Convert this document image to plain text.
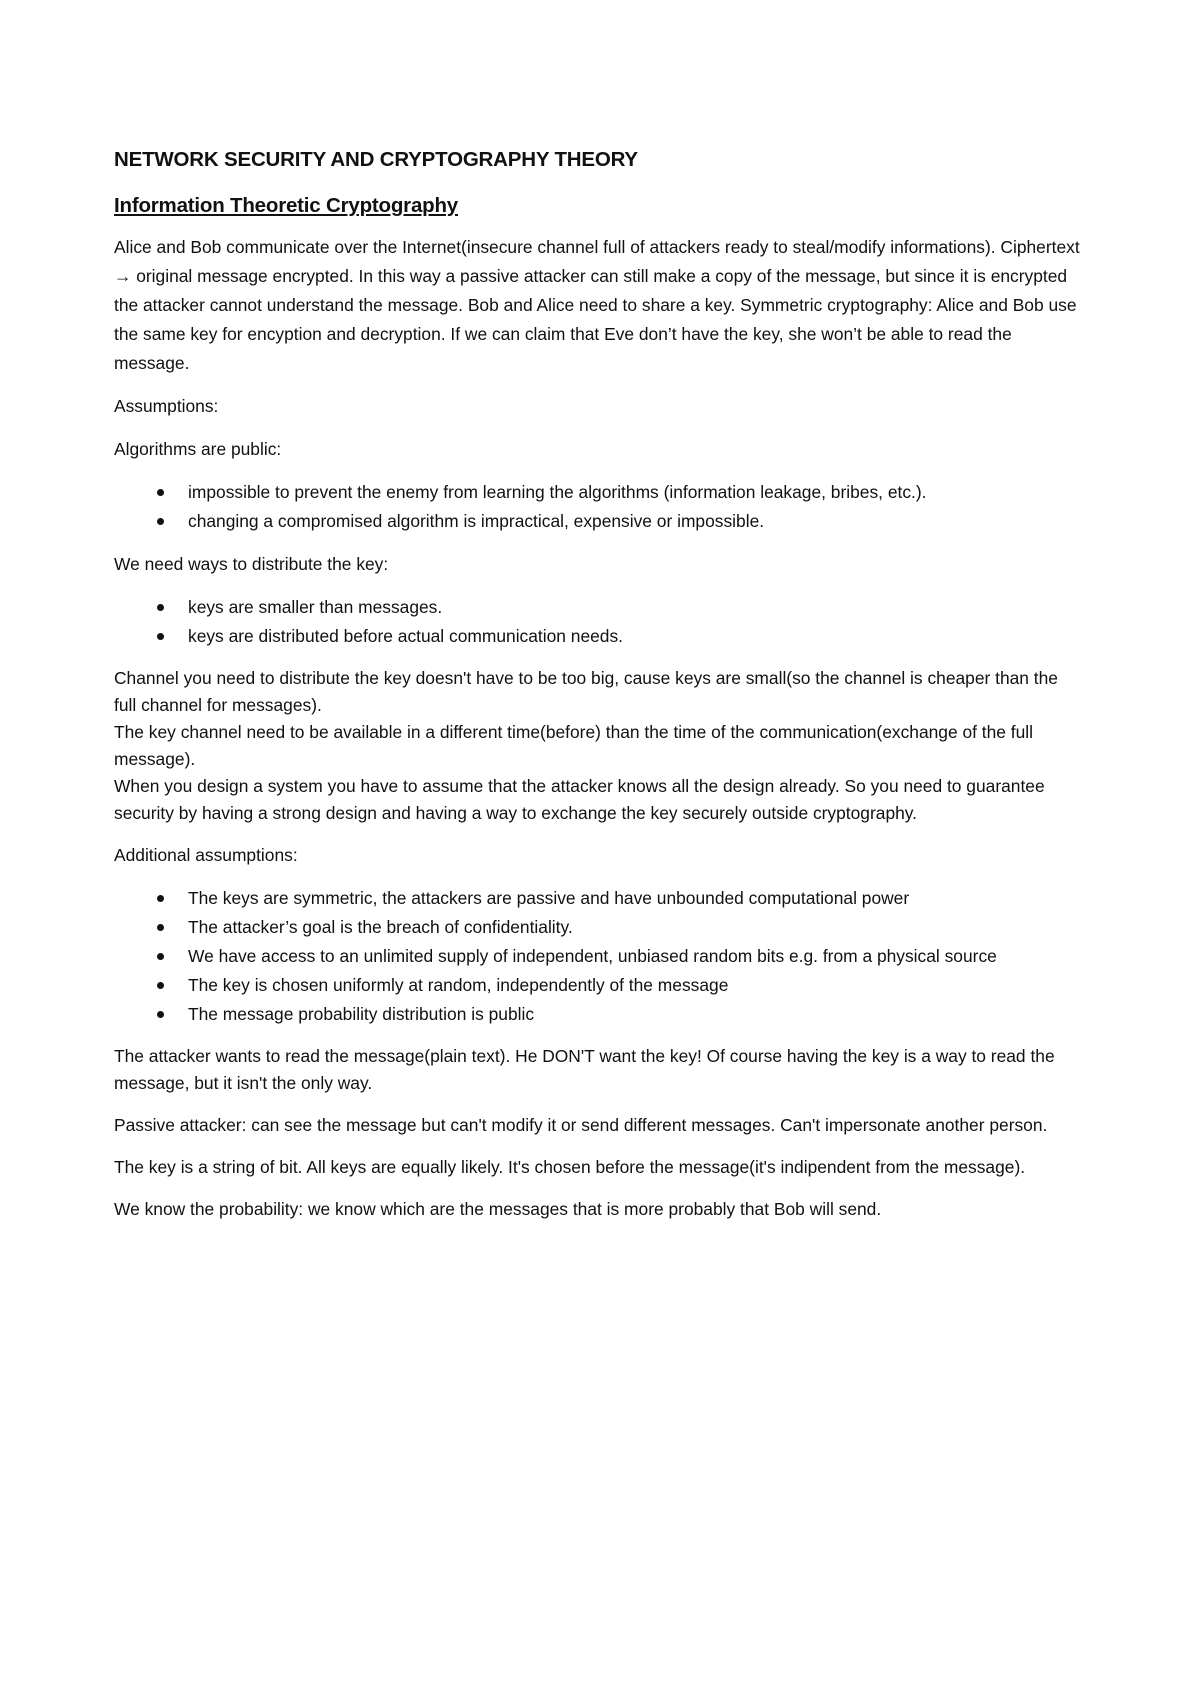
NETWORK SECURITY AND CRYPTOGRAPHY THEORY
Information Theoretic Cryptography

Alice and Bob communicate over the Internet(insecure channel full of attackers ready to steal/modify informations). Ciphertext → original message encrypted. In this way a passive attacker can still make a copy of the message, but since it is encrypted the attacker cannot understand the message. Bob and Alice need to share a key. Symmetric cryptography: Alice and Bob use the same key for encyption and decryption. If we can claim that Eve don’t have the key, she won’t be able to read the message.

Assumptions:

Algorithms are public:

impossible to prevent the enemy from learning the algorithms (information leakage, bribes, etc.).
changing a compromised algorithm is impractical, expensive or impossible.

We need ways to distribute the key:

keys are smaller than messages.
keys are distributed before actual communication needs.

Channel you need to distribute the key doesn't have to be too big, cause keys are small(so the channel is cheaper than the full channel for messages).

The key channel need to be available in a different time(before) than the time of the communication(exchange of the full message).

When you design a system you have to assume that the attacker knows all the design already. So you need to guarantee security by having a strong design and having a way to exchange the key securely outside cryptography.

Additional assumptions:

The keys are symmetric, the attackers are passive and have unbounded computational power
The attacker’s goal is the breach of confidentiality.
We have access to an unlimited supply of independent, unbiased random bits e.g. from a physical source
The key is chosen uniformly at random, independently of the message
The message probability distribution is public

The attacker wants to read the message(plain text). He DON'T want the key! Of course having the key is a way to read the message, but it isn't the only way.

Passive attacker: can see the message but can't modify it or send different messages. Can't impersonate another person.

The key is a string of bit. All keys are equally likely. It's chosen before the message(it's indipendent from the message).

We know the probability: we know which are the messages that is more probably that Bob will send.
